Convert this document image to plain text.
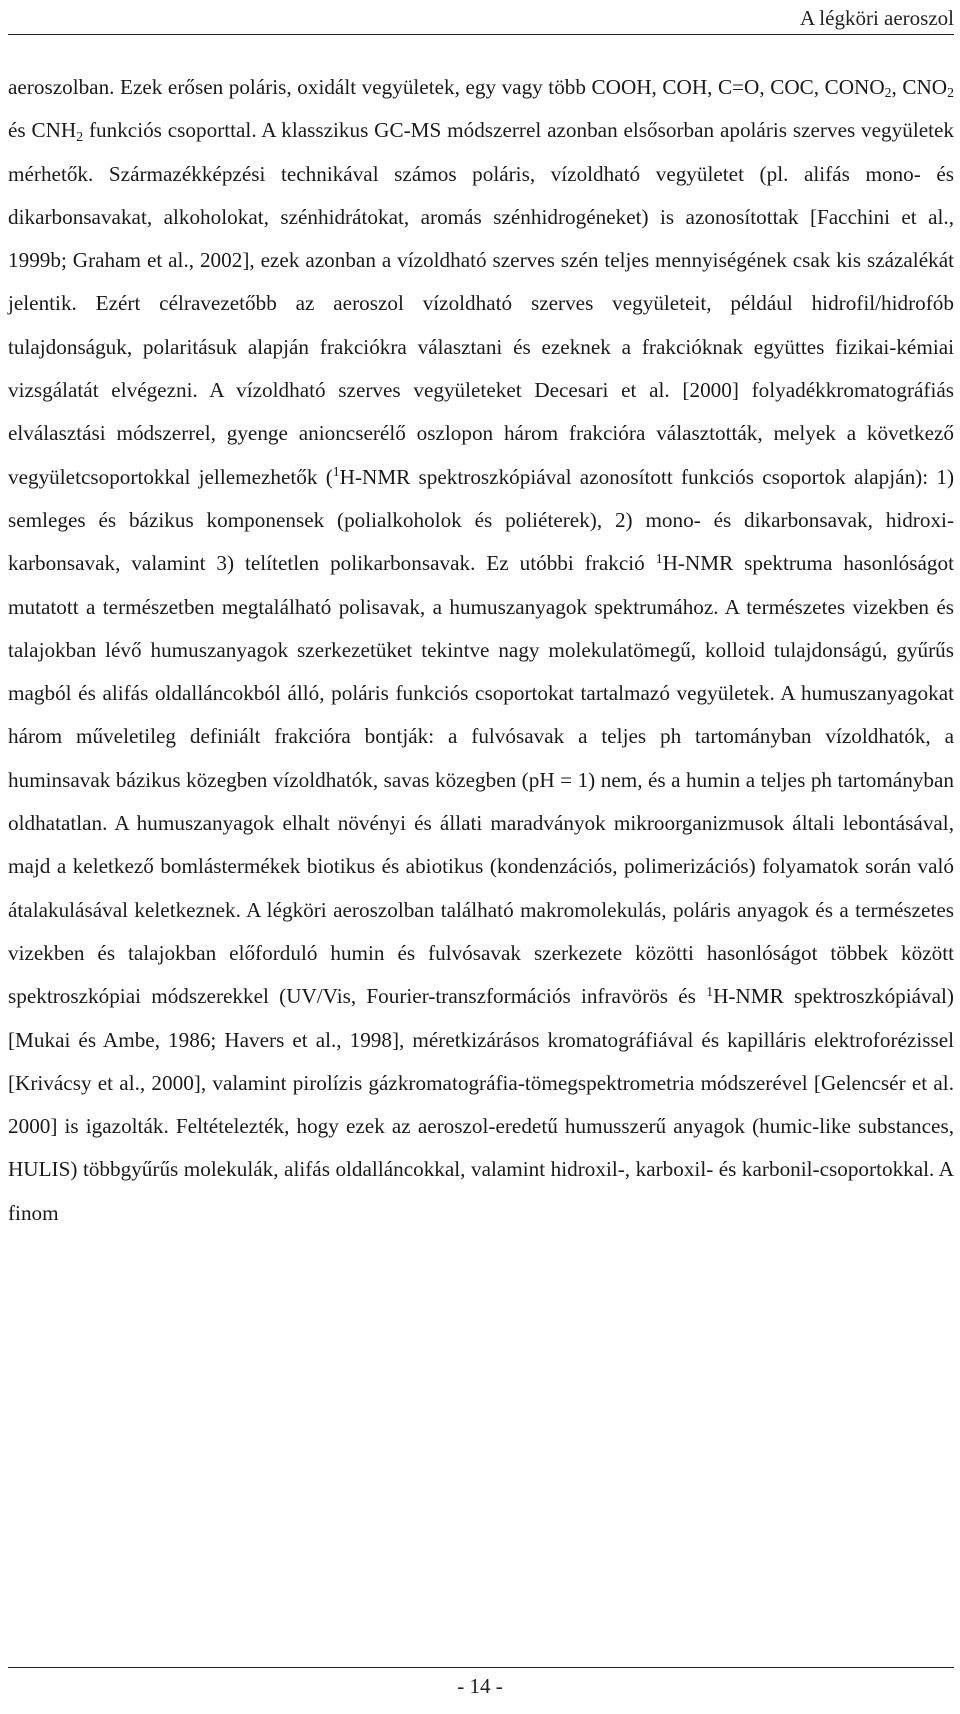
A légköri aeroszol

aeroszolban. Ezek erősen poláris, oxidált vegyületek, egy vagy több COOH, COH, C=O, COC, $CONO_2$, $CNO_2$ és $CNH_2$ funkciós csoporttal. A klasszikus GC-MS módszerrel azonban elsősorban apoláris szerves vegyületek mérhetők. Származékképzési technikával számos poláris, vízoldható vegyületet (pl. alifás mono- és dikarbonsavakat, alkoholokat, szénhidrátokat, aromás szénhidrogéneket) is azonosítottak [Facchini et al., 1999b; Graham et al., 2002], ezek azonban a vízoldható szerves szén teljes mennyiségének csak kis százalékát jelentik. Ezért célravezetőbb az aeroszol vízoldható szerves vegyületeit, például hidrofil/hidrofób tulajdonságuk, polaritásuk alapján frakciókra választani és ezeknek a frakcióknak együttes fizikai-kémiai vizsgálatát elvégezni. A vízoldható szerves vegyületeket Decesari et al. [2000] folyadékkromatográfiás elválasztási módszerrel, gyenge anioncserélő oszlopon három frakcióra választották, melyek a következő vegyületcsoportokkal jellemezhetők ($^1$H-NMR spektroszkópiával azonosított funkciós csoportok alapján): 1) semleges és bázikus komponensek (polialkoholok és poliéterek), 2) mono- és dikarbonsavak, hidroxi-karbonsavak, valamint 3) telítetlen polikarbonsavak. Ez utóbbi frakció $^1$H-NMR spektruma hasonlóságot mutatott a természetben megtalálható polisavak, a humuszanyagok spektrumához. A természetes vizekben és talajokban lévő humuszanyagok szerkezetüket tekintve nagy molekulatömegű, kolloid tulajdonságú, gyűrűs magból és alifás oldalláncokból álló, poláris funkciós csoportokat tartalmazó vegyületek. A humuszanyagokat három műveletileg definiált frakcióra bontják: a fulvósavak a teljes ph tartományban vízoldhatók, a huminsavak bázikus közegben vízoldhatók, savas közegben (pH = 1) nem, és a humin a teljes ph tartományban oldhatatlan. A humuszanyagok elhalt növényi és állati maradványok mikroorganizmusok általi lebontásával, majd a keletkező bomlástermékek biotikus és abiotikus (kondenzációs, polimerizációs) folyamatok során való átalakulásával keletkeznek. A légköri aeroszolban található makromolekulás, poláris anyagok és a természetes vizekben és talajokban előforduló humin és fulvósavak szerkezete közötti hasonlóságot többek között spektroszkópiai módszerekkel (UV/Vis, Fourier-transzformációs infravörös és $^1$H-NMR spektroszkópiával) [Mukai és Ambe, 1986; Havers et al., 1998], méretkizárásos kromatográfiával és kapilláris elektroforézissel [Krivácsy et al., 2000], valamint pirolízis gázkromatográfia-tömegspektrometria módszerével [Gelencsér et al. 2000] is igazolták. Feltételezték, hogy ezek az aeroszol-eredetű humusszerű anyagok (humic-like substances, HULIS) többgyűrűs molekulák, alifás oldalláncokkal, valamint hidroxil-, karboxil- és karbonil-csoportokkal. A finom

- 14 -
